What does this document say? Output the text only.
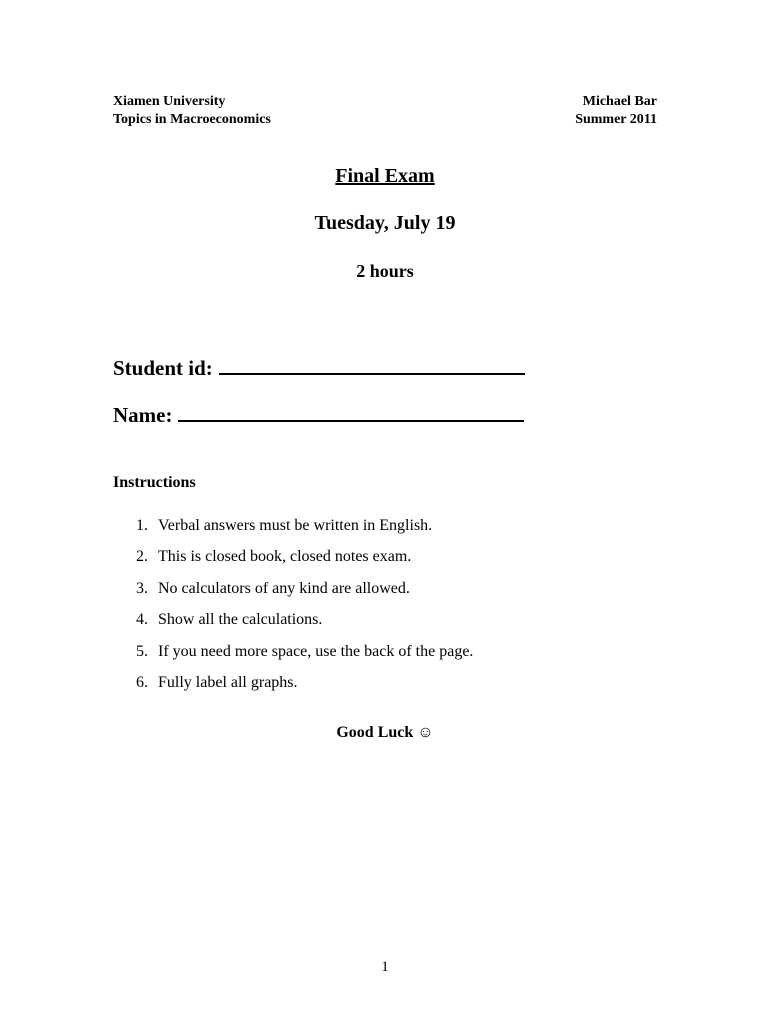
Xiamen University
Topics in Macroeconomics
Michael Bar
Summer 2011
Final Exam
Tuesday, July 19
2 hours
Student id:
Name:
Instructions
1. Verbal answers must be written in English.
2. This is closed book, closed notes exam.
3. No calculators of any kind are allowed.
4. Show all the calculations.
5. If you need more space, use the back of the page.
6. Fully label all graphs.
Good Luck ☺
1
